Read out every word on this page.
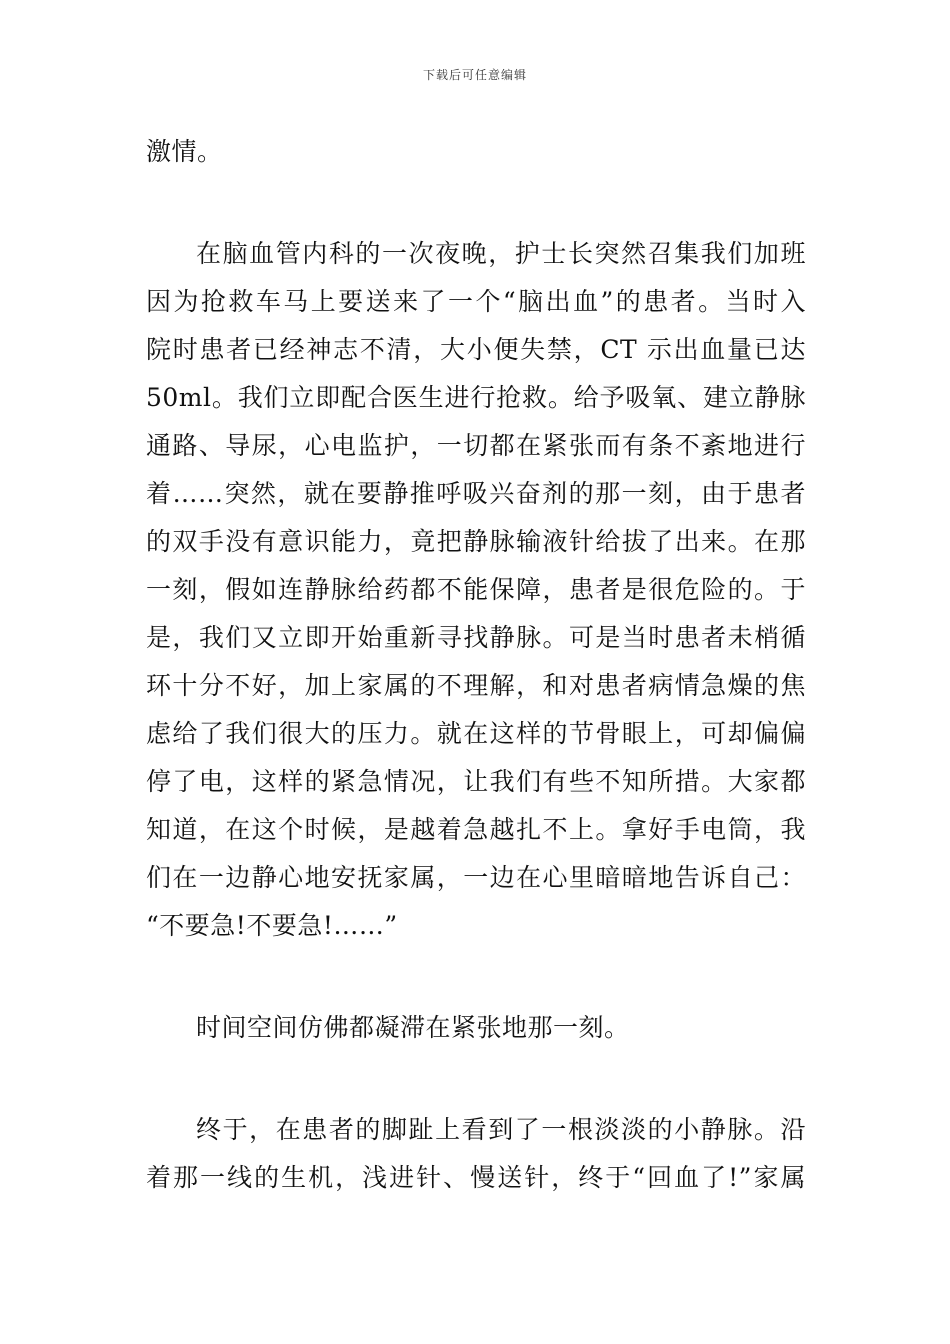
下载后可任意编辑
激情。
在脑血管内科的一次夜晚，护士长突然召集我们加班
因为抢救车马上要送来了一个“脑出血”的患者。当时入
院时患者已经神志不清，大小便失禁，CT 示出血量已达
50ml。我们立即配合医生进行抢救。给予吸氧、建立静脉
通路、导尿，心电监护，一切都在紧张而有条不紊地进行
着……突然，就在要静推呼吸兴奋剂的那一刻，由于患者
的双手没有意识能力，竟把静脉输液针给拔了出来。在那
一刻，假如连静脉给药都不能保障，患者是很危险的。于
是，我们又立即开始重新寻找静脉。可是当时患者未梢循
环十分不好，加上家属的不理解，和对患者病情急燥的焦
虑给了我们很大的压力。就在这样的节骨眼上，可却偏偏
停了电，这样的紧急情况，让我们有些不知所措。大家都
知道，在这个时候，是越着急越扎不上。拿好手电筒，我
们在一边静心地安抚家属，一边在心里暗暗地告诉自己：
“不要急!不要急!……”
时间空间仿佛都凝滞在紧张地那一刻。
终于，在患者的脚趾上看到了一根淡淡的小静脉。沿
着那一线的生机，浅进针、慢送针，终于“回血了!”家属
